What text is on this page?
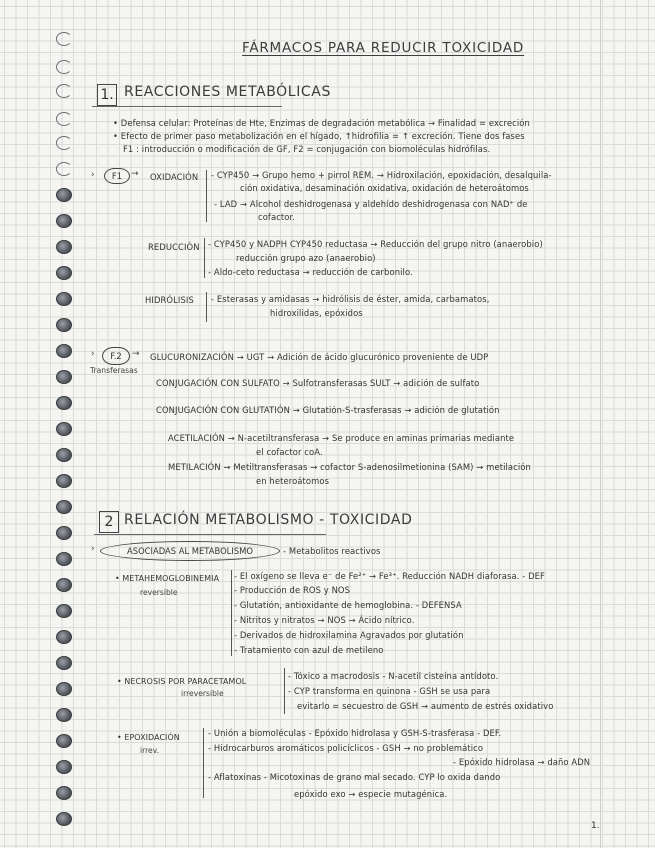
FÁRMACOS PARA REDUCIR TOXICIDAD
1. REACCIONES METABÓLICAS
• Defensa celular: Proteínas de Hte, Enzimas de degradación metabólica → Finalidad = excreción
• Efecto de primer paso metabolización en el hígado, ↑hidrofilia = ↑ excreción. Tiene dos fases
F1 : introducción o modificación de GF, F2 = conjugación con biomoléculas hidrófilas.
›	F1 → OXIDACIÓN - CYP450 → Grupo hemo + pirrol REM. → Hidroxilación, epoxidación, desalquila-
ción oxidativa, desaminación oxidativa, oxidación de heteroátomos
- LAD → Alcohol deshidrogenasa y aldehído deshidrogenasa con NAD⁺ de
cofactor.
REDUCCIÓN - CYP450 y NADPH CYP450 reductasa → Reducción del grupo nitro (anaerobio)
reducción grupo azo (anaerobio)
- Aldo-ceto reductasa → reducción de carbonilo.
HIDRÓLISIS - Esterasas y amidasas → hidrólisis de éster, amida, carbamatos,
hidroxilidas, epóxidos
›	F.2
Transferasas
→ GLUCURONIZACIÓN → UGT → Adición de ácido glucurónico proveniente de UDP
CONJUGACIÓN CON SULFATO → Sulfotransferasas SULT → adición de sulfato
CONJUGACIÓN CON GLUTATIÓN → Glutatión-S-trasferasas → adición de glutatión
ACETILACIÓN → N-acetiltransferasa → Se produce en aminas primarias mediante
el cofactor coA.
METILACIÓN → Metiltransferasas → cofactor S-adenosilmetionina (SAM) → metilación
en heteroátomos
2 RELACIÓN METABOLISMO - TOXICIDAD
›	ASOCIADAS AL METABOLISMO	- Metabolitos reactivos
• METAHEMOGLOBINEMIA
reversible
- El oxígeno se lleva e⁻ de Fe²⁺ → Fe³⁺. Reducción NADH diaforasa. - DEF
- Producción de ROS y NOS
- Glutatión, antioxidante de hemoglobina. - DEFENSA
- Nitritos y nitratos → NOS → Ácido nítrico.
- Derivados de hidroxilamina Agravados por glutatión
- Tratamiento con azul de metileno
• NECROSIS POR PARACETAMOL
irreversible
- Tóxico a macrodosis - N-acetil cisteína antídoto.
- CYP transforma en quinona - GSH se usa para
evitarlo = secuestro de GSH → aumento de estrés oxidativo
• EPOXIDACIÓN
irrev.
- Unión a biomoléculas - Epóxido hidrolasa y GSH-S-trasferasa - DEF.
- Hidrocarburos aromáticos policíclicos - GSH → no problemático
- Epóxido hidrolasa → daño ADN
- Aflatoxinas - Micotoxinas de grano mal secado. CYP lo oxida dando
epóxido exo → especie mutagénica.
1.
